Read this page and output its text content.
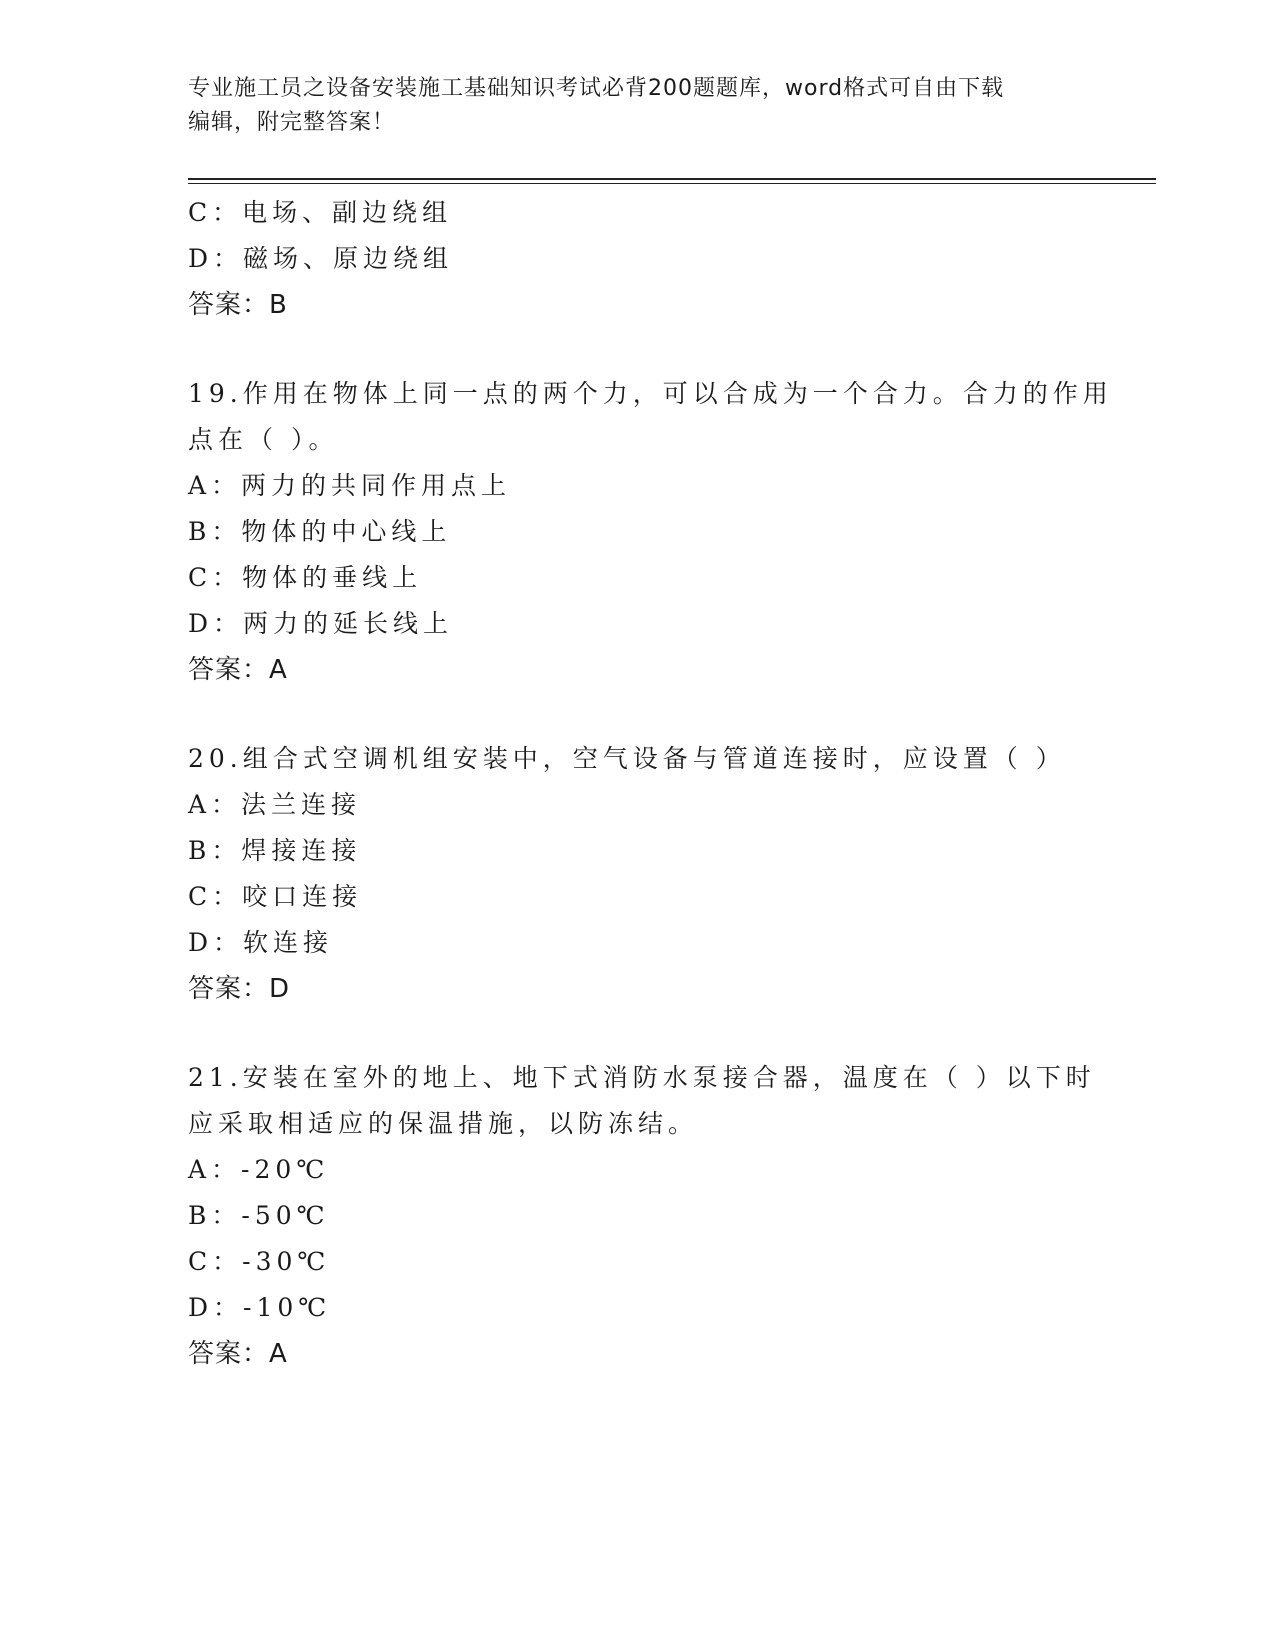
专业施工员之设备安装施工基础知识考试必背200题题库，word格式可自由下载
编辑，附完整答案！
C：电场、副边绕组
D：磁场、原边绕组
答案：B
19.作用在物体上同一点的两个力，可以合成为一个合力。合力的作用
点在（ ）。
A：两力的共同作用点上
B：物体的中心线上
C：物体的垂线上
D：两力的延长线上
答案：A
20.组合式空调机组安装中，空气设备与管道连接时，应设置（ ）
A：法兰连接
B：焊接连接
C：咬口连接
D：软连接
答案：D
21.安装在室外的地上、地下式消防水泵接合器，温度在（ ）以下时
应采取相适应的保温措施，以防冻结。
A：-20℃
B：-50℃
C：-30℃
D：-10℃
答案：A
